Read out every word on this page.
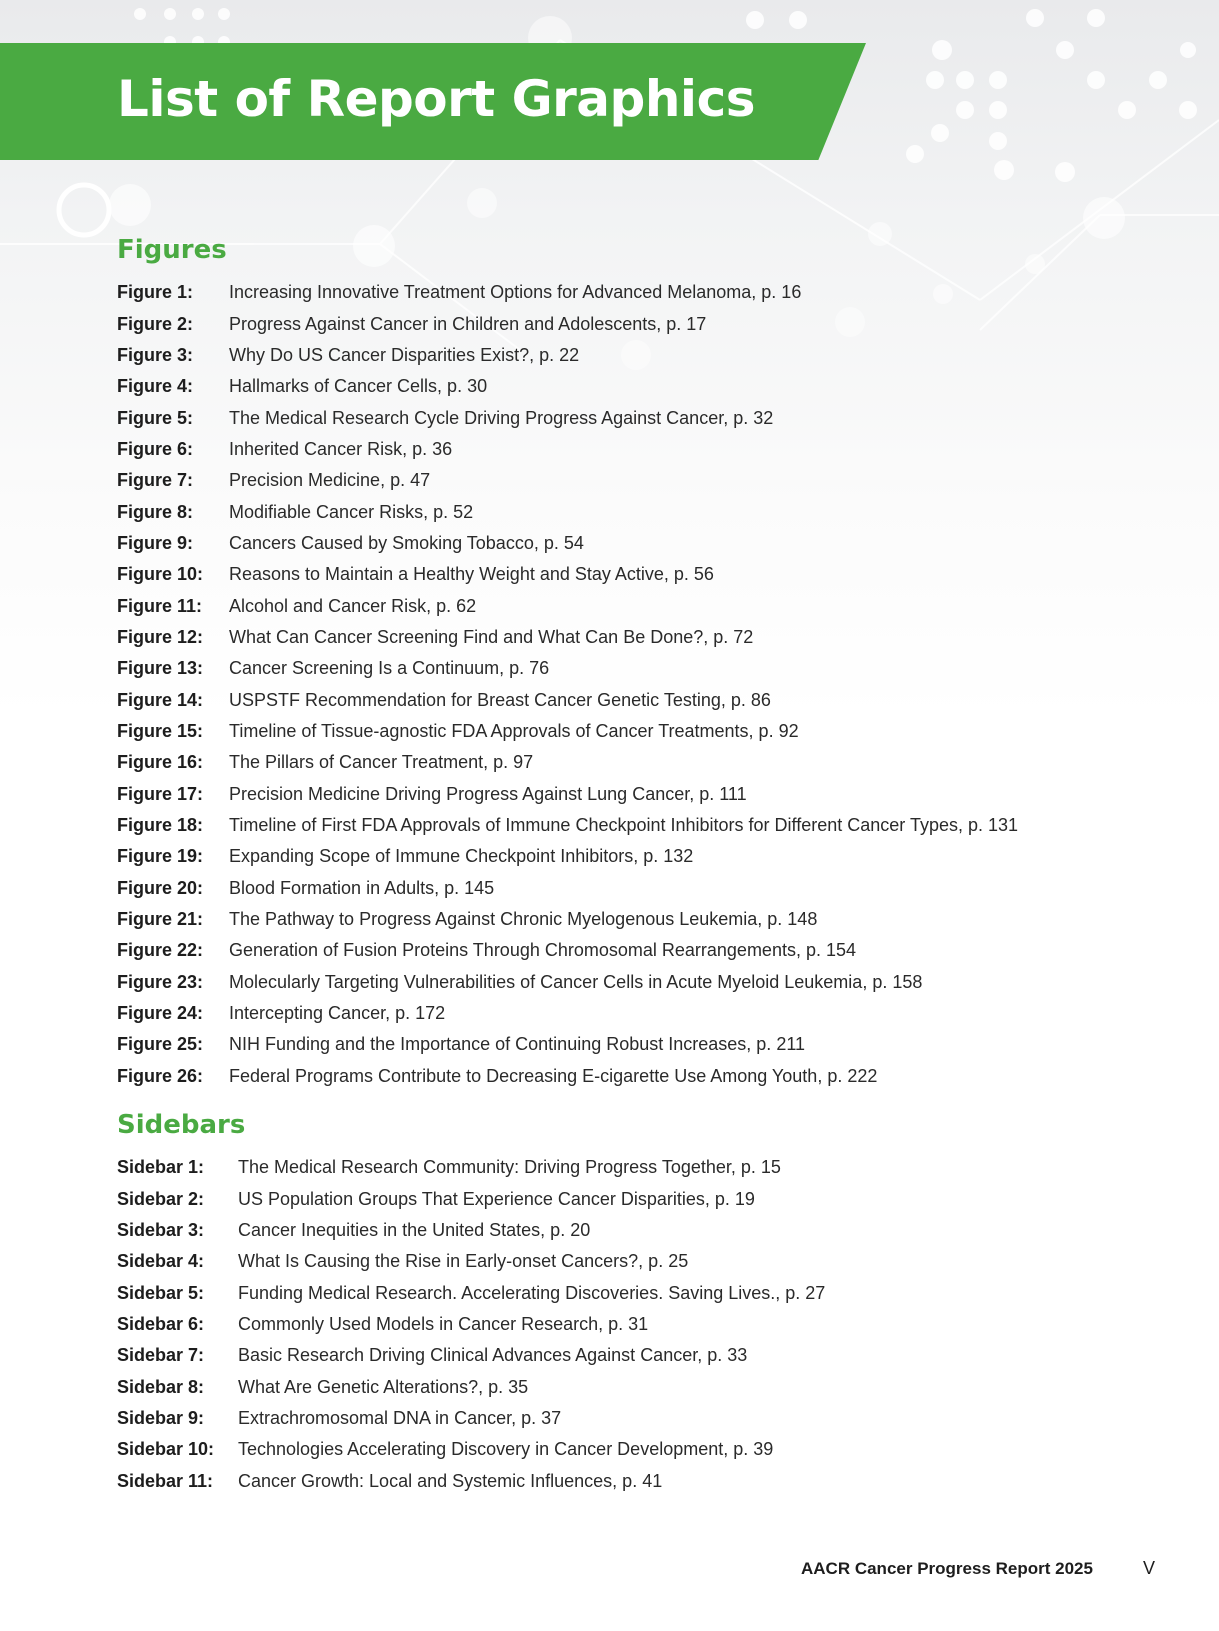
List of Report Graphics
Figures
Figure 1:	Increasing Innovative Treatment Options for Advanced Melanoma, p. 16
Figure 2:	Progress Against Cancer in Children and Adolescents, p. 17
Figure 3:	Why Do US Cancer Disparities Exist?, p. 22
Figure 4:	Hallmarks of Cancer Cells, p. 30
Figure 5:	The Medical Research Cycle Driving Progress Against Cancer, p. 32
Figure 6:	Inherited Cancer Risk, p. 36
Figure 7:	Precision Medicine, p. 47
Figure 8:	Modifiable Cancer Risks, p. 52
Figure 9:	Cancers Caused by Smoking Tobacco, p. 54
Figure 10:	Reasons to Maintain a Healthy Weight and Stay Active, p. 56
Figure 11:	Alcohol and Cancer Risk, p. 62
Figure 12:	What Can Cancer Screening Find and What Can Be Done?, p. 72
Figure 13:	Cancer Screening Is a Continuum, p. 76
Figure 14:	USPSTF Recommendation for Breast Cancer Genetic Testing, p. 86
Figure 15:	Timeline of Tissue-agnostic FDA Approvals of Cancer Treatments, p. 92
Figure 16:	The Pillars of Cancer Treatment, p. 97
Figure 17:	Precision Medicine Driving Progress Against Lung Cancer, p. 111
Figure 18:	Timeline of First FDA Approvals of Immune Checkpoint Inhibitors for Different Cancer Types, p. 131
Figure 19:	Expanding Scope of Immune Checkpoint Inhibitors, p. 132
Figure 20:	Blood Formation in Adults, p. 145
Figure 21:	The Pathway to Progress Against Chronic Myelogenous Leukemia, p. 148
Figure 22:	Generation of Fusion Proteins Through Chromosomal Rearrangements, p. 154
Figure 23:	Molecularly Targeting Vulnerabilities of Cancer Cells in Acute Myeloid Leukemia, p. 158
Figure 24:	Intercepting Cancer, p. 172
Figure 25:	NIH Funding and the Importance of Continuing Robust Increases, p. 211
Figure 26:	Federal Programs Contribute to Decreasing E-cigarette Use Among Youth, p. 222
Sidebars
Sidebar 1:	The Medical Research Community: Driving Progress Together, p. 15
Sidebar 2:	US Population Groups That Experience Cancer Disparities, p. 19
Sidebar 3:	Cancer Inequities in the United States, p. 20
Sidebar 4:	What Is Causing the Rise in Early-onset Cancers?, p. 25
Sidebar 5:	Funding Medical Research. Accelerating Discoveries. Saving Lives., p. 27
Sidebar 6:	Commonly Used Models in Cancer Research, p. 31
Sidebar 7:	Basic Research Driving Clinical Advances Against Cancer, p. 33
Sidebar 8:	What Are Genetic Alterations?, p. 35
Sidebar 9:	Extrachromosomal DNA in Cancer, p. 37
Sidebar 10:	Technologies Accelerating Discovery in Cancer Development, p. 39
Sidebar 11:	Cancer Growth: Local and Systemic Influences, p. 41
AACR Cancer Progress Report 2025	V
